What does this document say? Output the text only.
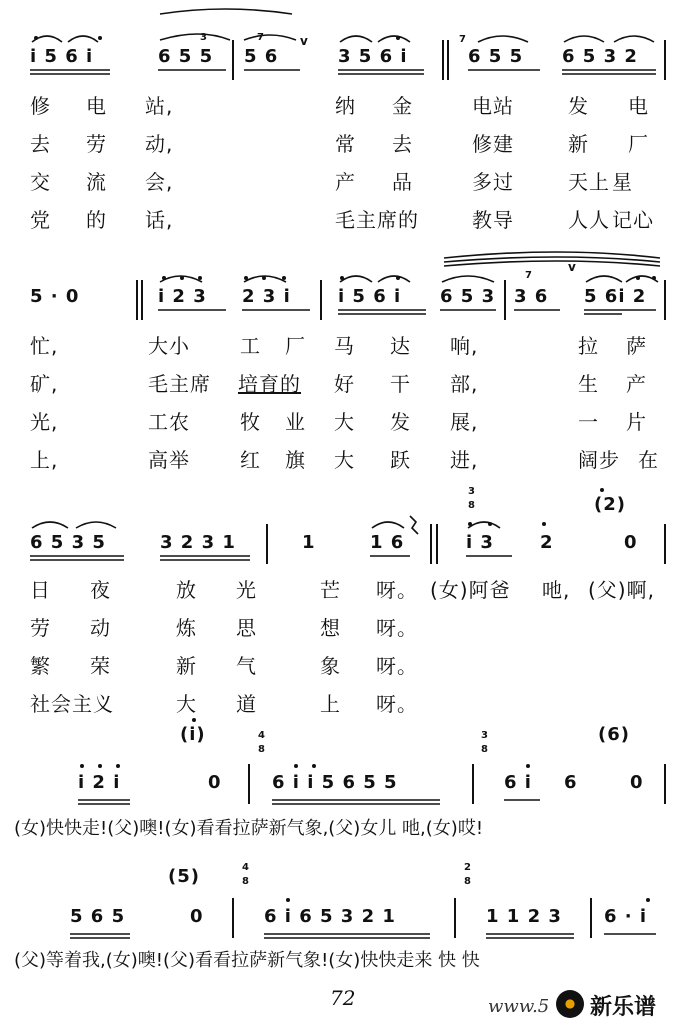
i 5 6 i	6 5 5
3
5 6
7	v
3 5 6 i
7
6 5 5 6 5 3 2
修 电 站,	纳 金	电站	发 电
去 劳 动,	常 去	修建	新 厂
交 流 会,	产 品	多过	天上 星
党 的 话,	毛主席的	教导	人人 记心
5 · 0	i 2 3 2 3 i	i 5 6 i 6 5 3 3 6
7
v
5 6i 2
忙,	大小	工 厂 马 达 响,	拉 萨
矿,	毛主席 培育的 好 干 部,	生 产
光,	工农	牧 业 大 发 展,	一 片
上,	高举	红 旗 大 跃 进,	阔步 在
(2)
3
8
6 5 3 5	3 2 3 1	1	1 6	i 3	2	0
日 夜	放 光	芒 呀。 (女)阿爸 吔, (父)啊,
劳 动	炼 思	想 呀。
繁 荣	新 气	象 呀。
社会主义	大 道	上 呀。
(i)	(6)
4
8
3
8
i 2 i	0	6 i i 5 6 5 5	6 i 6	0
(女)快快走!(父)噢!(女)看看拉萨新气象,(父)女儿 吔,(女)哎!
(5)	4
8
2
8
5 6 5	0	6 i 6 5 3 2 1	1 1 2 3 6 · i
(父)等着我,(女)噢!(父)看看拉萨新气象!(女)快快走来 快 快
72	www.5 新乐谱
